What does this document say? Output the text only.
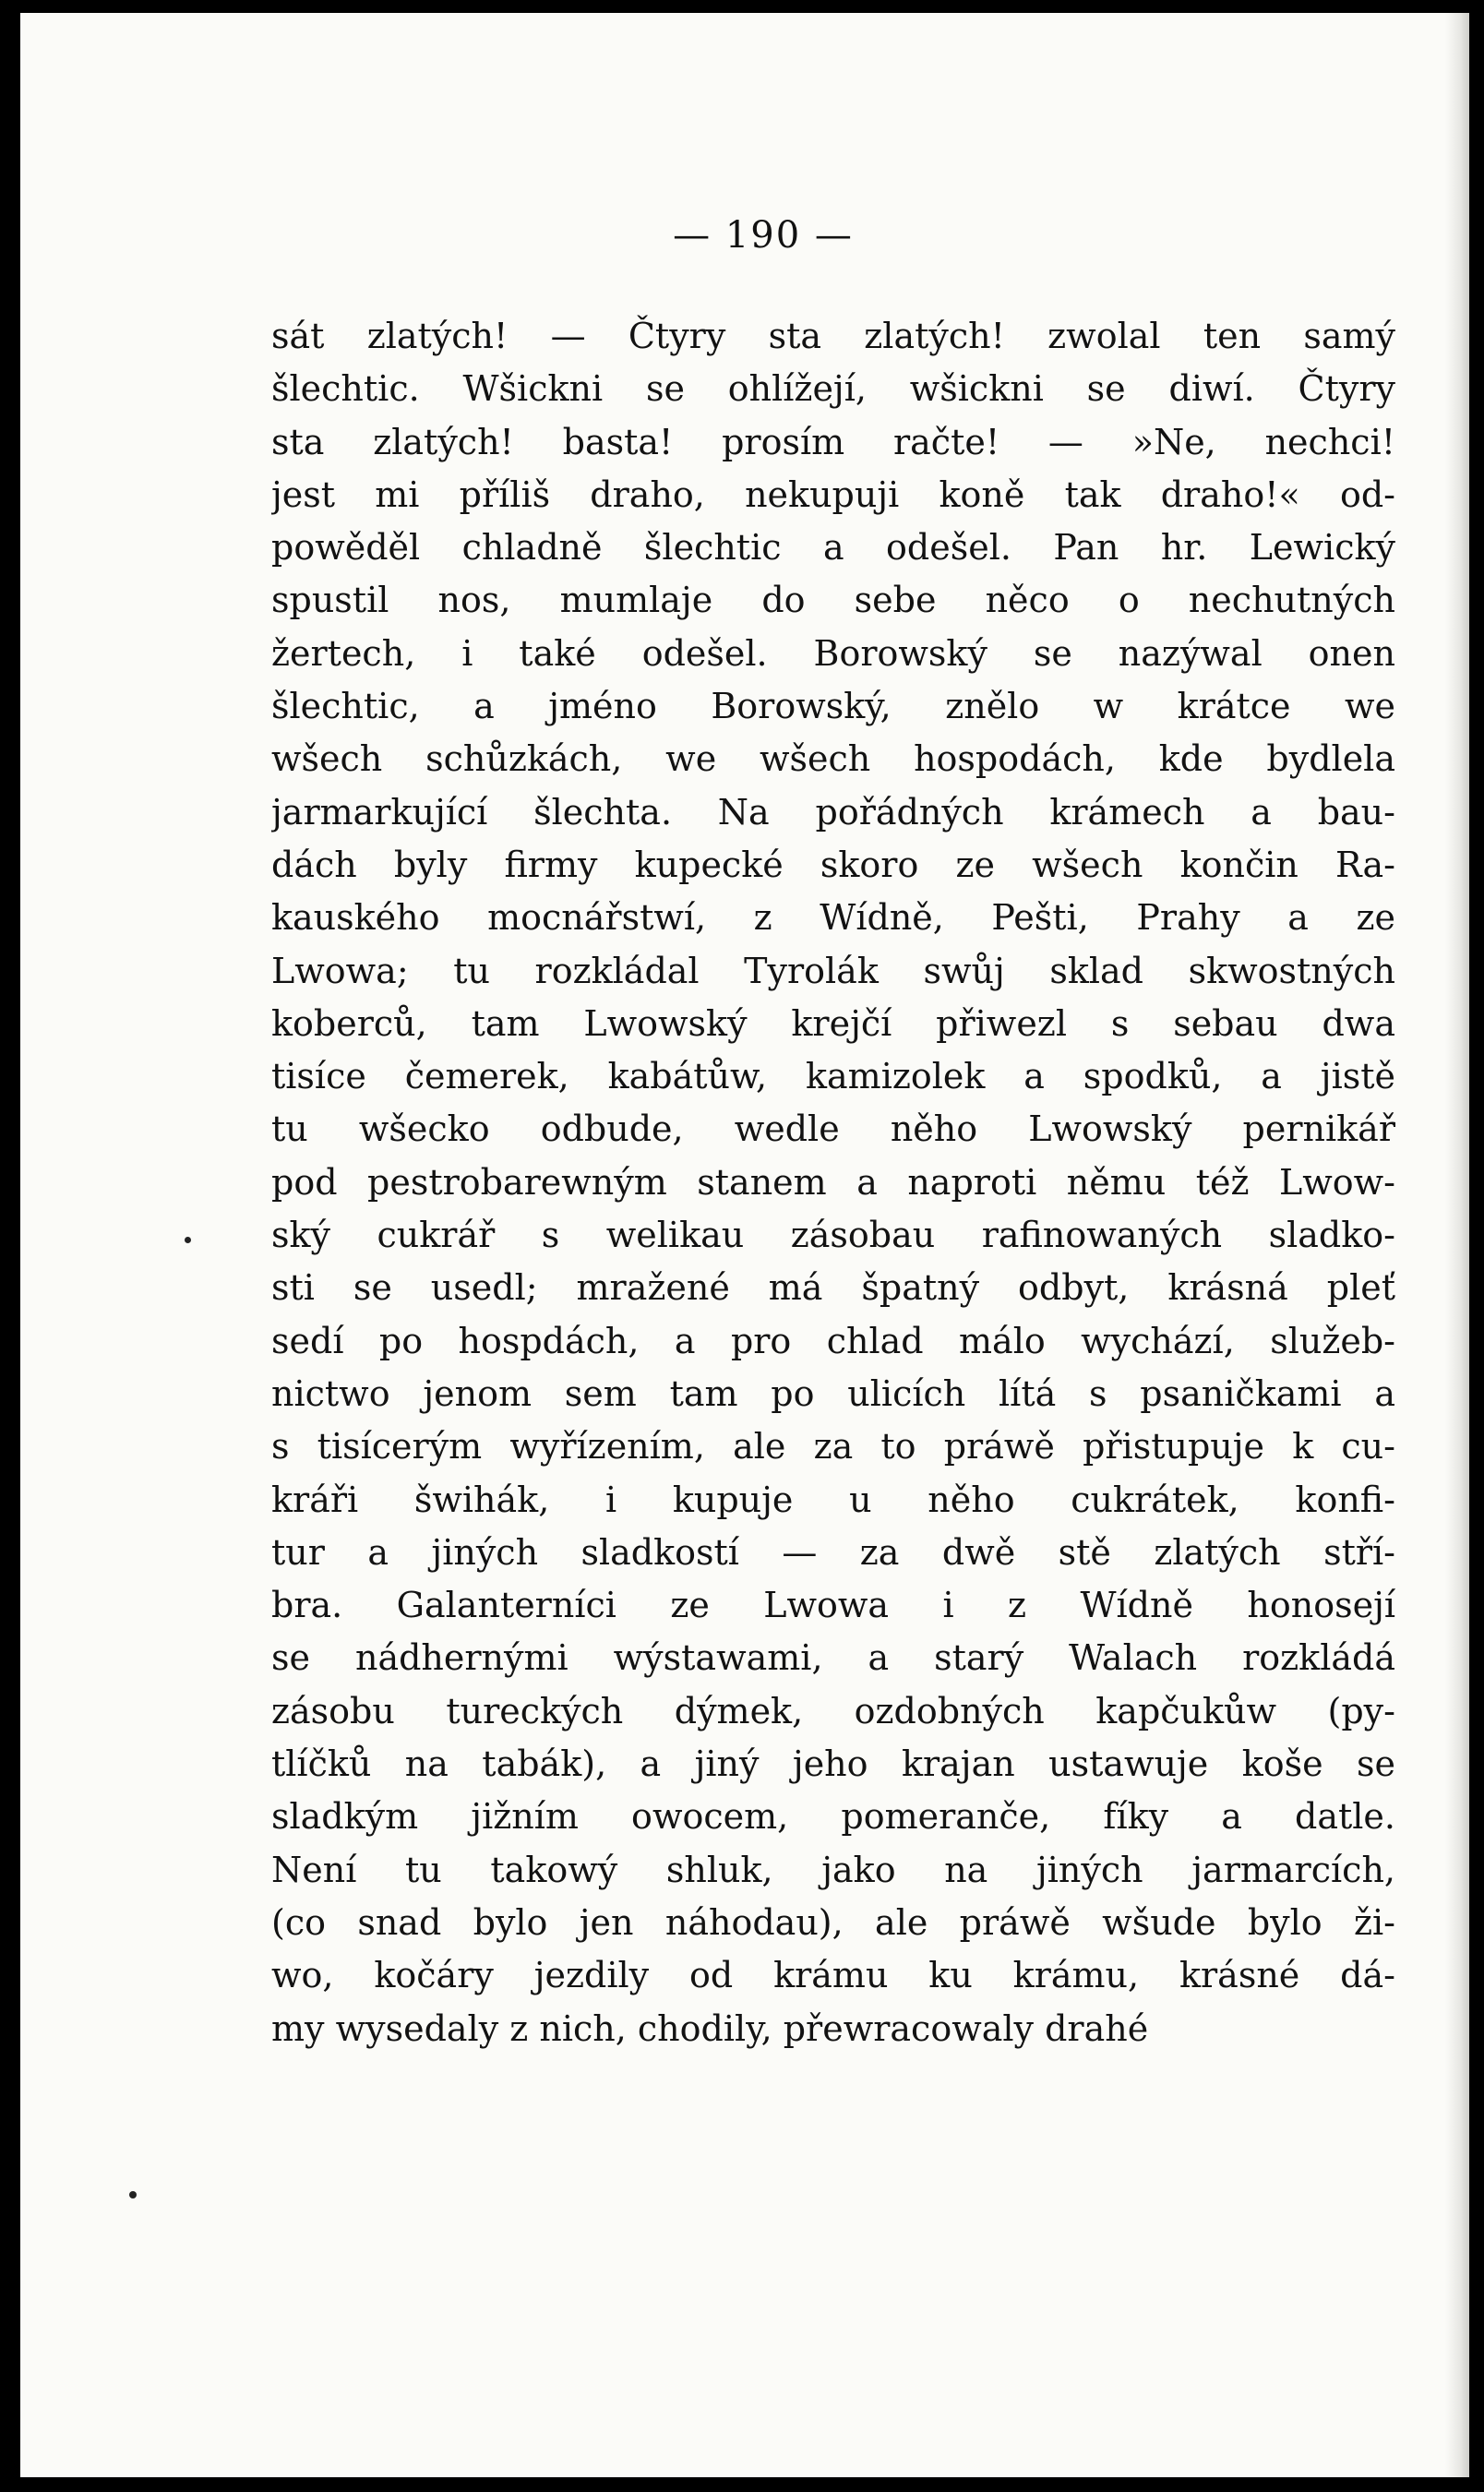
— 190 —
sát zlatých! — Čtyry sta zlatých! zwolal ten samý
šlechtic. Wšickni se ohlížejí, wšickni se diwí. Čtyry
sta zlatých! basta! prosím račte! — »Ne, nechci!
jest mi příliš draho, nekupuji koně tak draho!« od-
powěděl chladně šlechtic a odešel. Pan hr. Lewický
spustil nos, mumlaje do sebe něco o nechutných
žertech, i také odešel. Borowský se nazýwal onen
šlechtic, a jméno Borowský, znělo w krátce we
wšech schůzkách, we wšech hospodách, kde bydlela
jarmarkující šlechta. Na pořádných krámech a bau-
dách byly firmy kupecké skoro ze wšech končin Ra-
kauského mocnářstwí, z Wídně, Pešti, Prahy a ze
Lwowa; tu rozkládal Tyrolák swůj sklad skwostných
koberců, tam Lwowský krejčí přiwezl s sebau dwa
tisíce čemerek, kabátůw, kamizolek a spodků, a jistě
tu wšecko odbude, wedle něho Lwowský pernikář
pod pestrobarewným stanem a naproti němu též Lwow-
ský cukrář s welikau zásobau rafinowaných sladko-
sti se usedl; mražené má špatný odbyt, krásná pleť
sedí po hospdách, a pro chlad málo wychází, služeb-
nictwo jenom sem tam po ulicích lítá s psaničkami a
s tisícerým wyřízením, ale za to práwě přistupuje k cu-
kráři šwihák, i kupuje u něho cukrátek, konfi-
tur a jiných sladkostí — za dwě stě zlatých stří-
bra. Galanterníci ze Lwowa i z Wídně honosejí
se nádhernými wýstawami, a starý Walach rozkládá
zásobu tureckých dýmek, ozdobných kapčukůw (py-
tlíčků na tabák), a jiný jeho krajan ustawuje koše se
sladkým jižním owocem, pomeranče, fíky a datle.
Není tu takowý shluk, jako na jiných jarmarcích,
(co snad bylo jen náhodau), ale práwě wšude bylo ži-
wo, kočáry jezdily od krámu ku krámu, krásné dá-
my wysedaly z nich, chodily, přewracowaly drahé
